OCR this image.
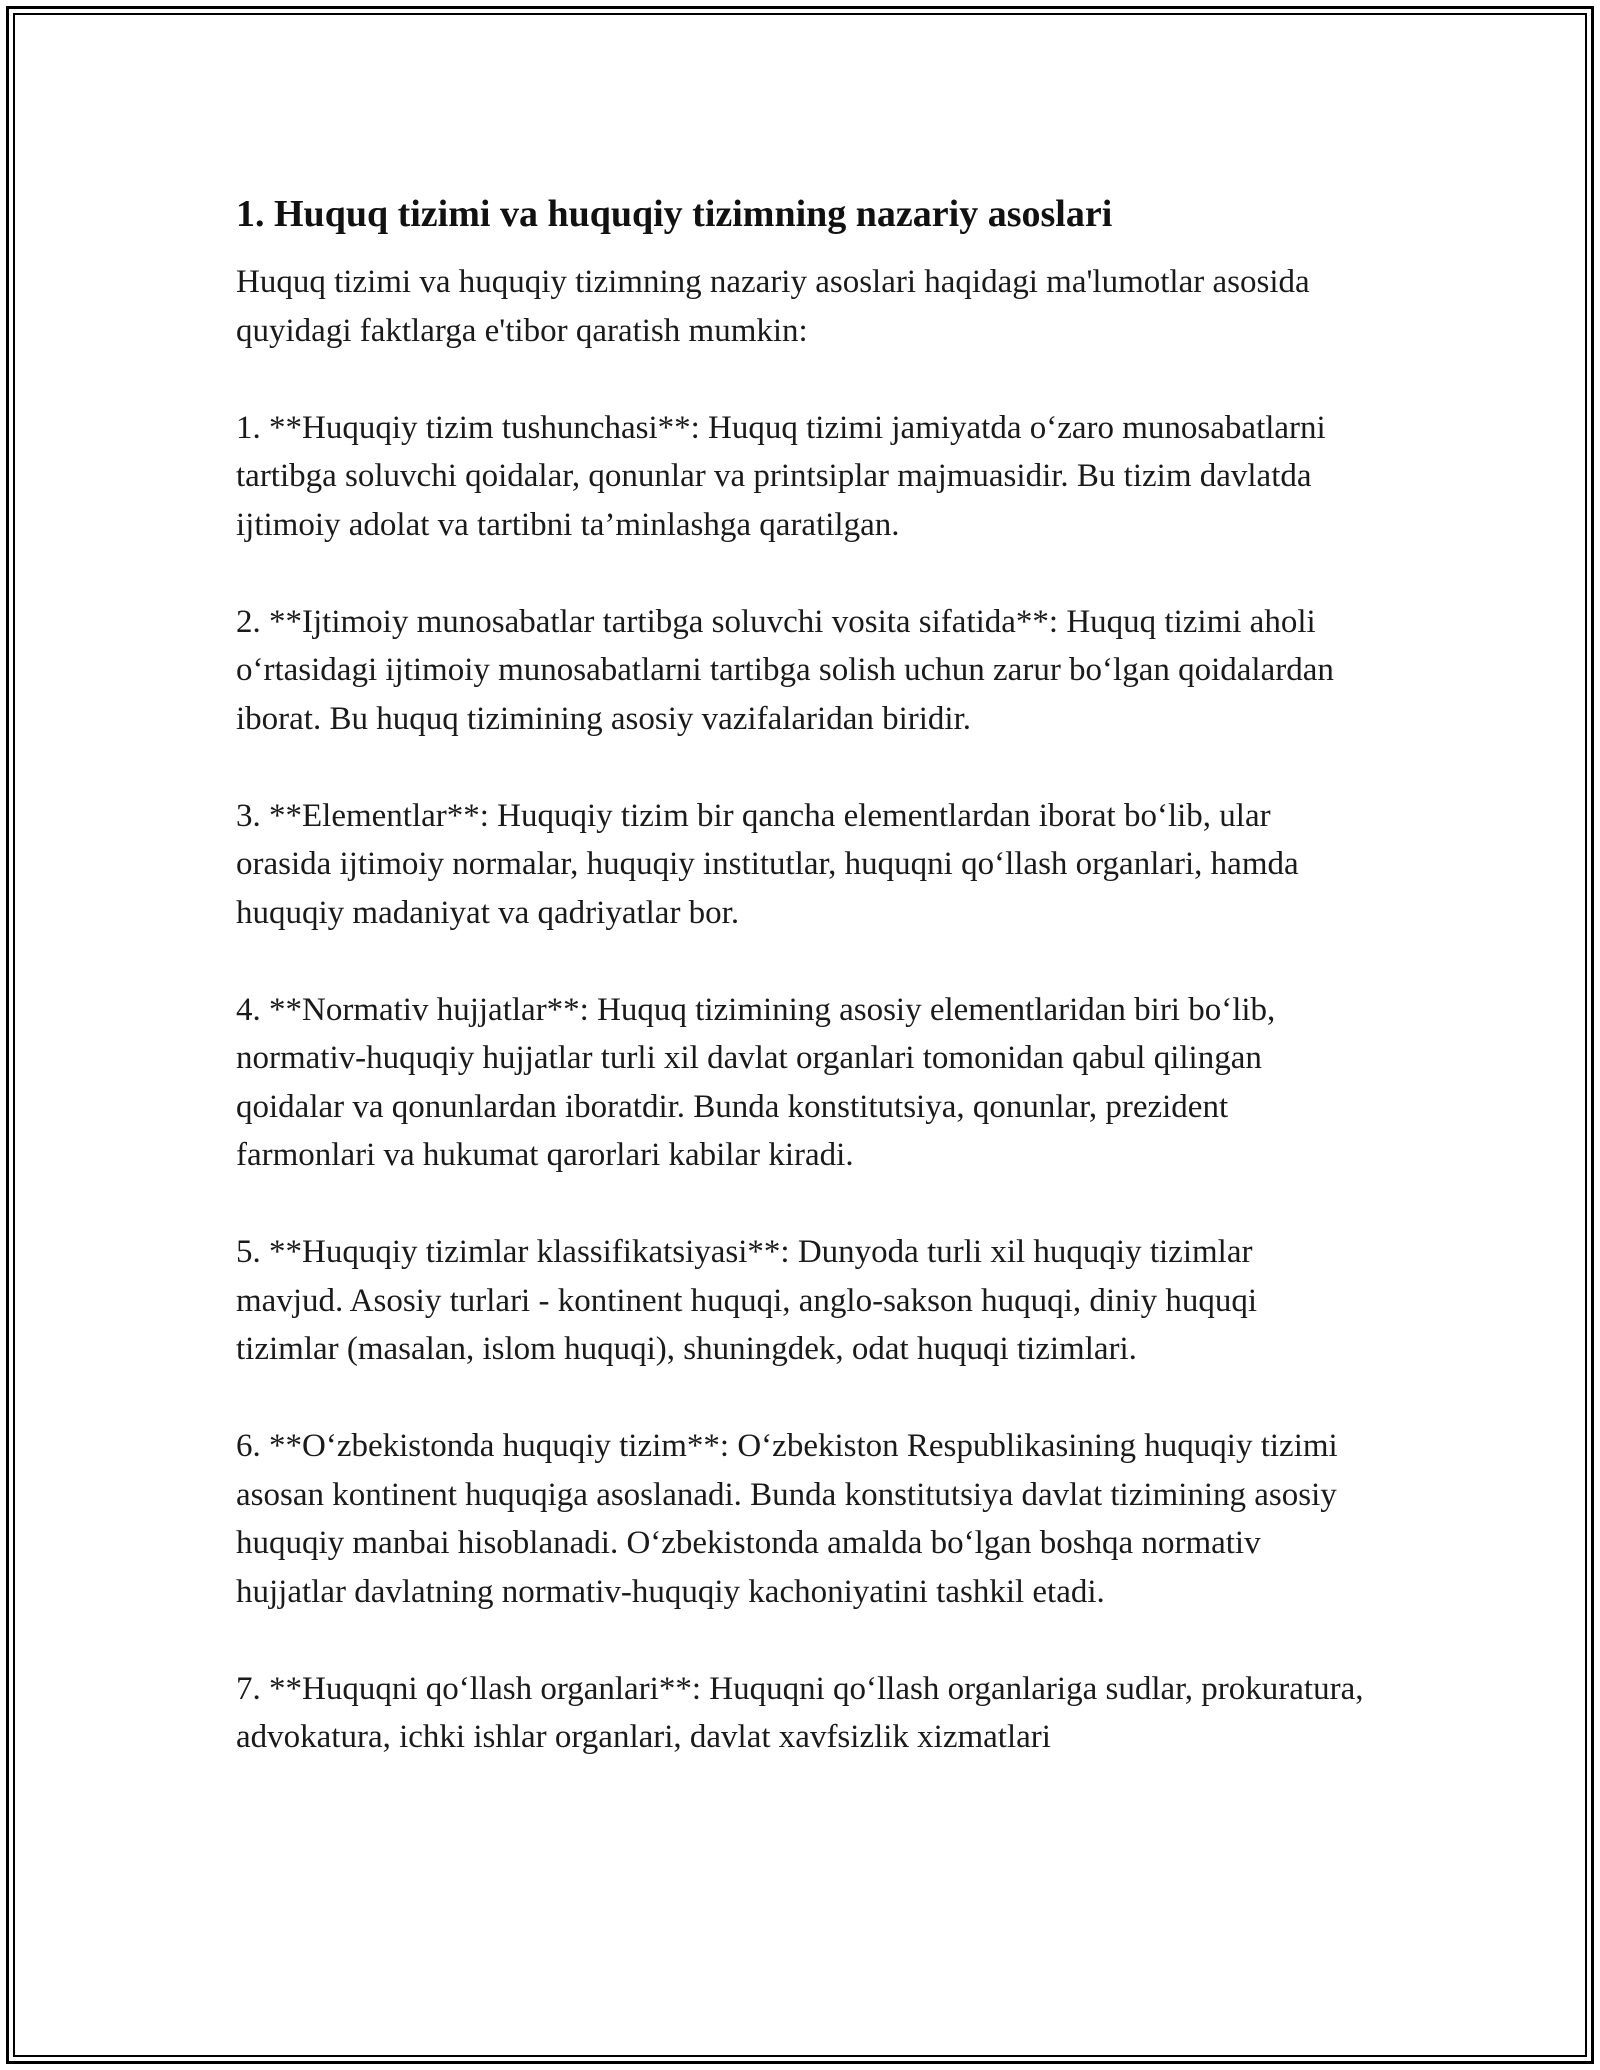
1. Huquq tizimi va huquqiy tizimning nazariy asoslari

Huquq tizimi va huquqiy tizimning nazariy asoslari haqidagi ma'lumotlar asosida quyidagi faktlarga e'tibor qaratish mumkin:

1. **Huquqiy tizim tushunchasi**: Huquq tizimi jamiyatda o‘zaro munosabatlarni tartibga soluvchi qoidalar, qonunlar va printsiplar majmuasidir. Bu tizim davlatda ijtimoiy adolat va tartibni ta’minlashga qaratilgan.

2. **Ijtimoiy munosabatlar tartibga soluvchi vosita sifatida**: Huquq tizimi aholi o‘rtasidagi ijtimoiy munosabatlarni tartibga solish uchun zarur bo‘lgan qoidalardan iborat. Bu huquq tizimining asosiy vazifalaridan biridir.

3. **Elementlar**: Huquqiy tizim bir qancha elementlardan iborat bo‘lib, ular orasida ijtimoiy normalar, huquqiy institutlar, huquqni qo‘llash organlari, hamda huquqiy madaniyat va qadriyatlar bor.

4. **Normativ hujjatlar**: Huquq tizimining asosiy elementlaridan biri bo‘lib, normativ-huquqiy hujjatlar turli xil davlat organlari tomonidan qabul qilingan qoidalar va qonunlardan iboratdir. Bunda konstitutsiya, qonunlar, prezident farmonlari va hukumat qarorlari kabilar kiradi.

5. **Huquqiy tizimlar klassifikatsiyasi**: Dunyoda turli xil huquqiy tizimlar mavjud. Asosiy turlari - kontinent huquqi, anglo-sakson huquqi, diniy huquqi tizimlar (masalan, islom huquqi), shuningdek, odat huquqi tizimlari.

6. **O‘zbekistonda huquqiy tizim**: O‘zbekiston Respublikasining huquqiy tizimi asosan kontinent huquqiga asoslanadi. Bunda konstitutsiya davlat tizimining asosiy huquqiy manbai hisoblanadi. O‘zbekistonda amalda bo‘lgan boshqa normativ hujjatlar davlatning normativ-huquqiy kachoniyatini tashkil etadi.

7. **Huquqni qo‘llash organlari**: Huquqni qo‘llash organlariga sudlar, prokuratura, advokatura, ichki ishlar organlari, davlat xavfsizlik xizmatlari
